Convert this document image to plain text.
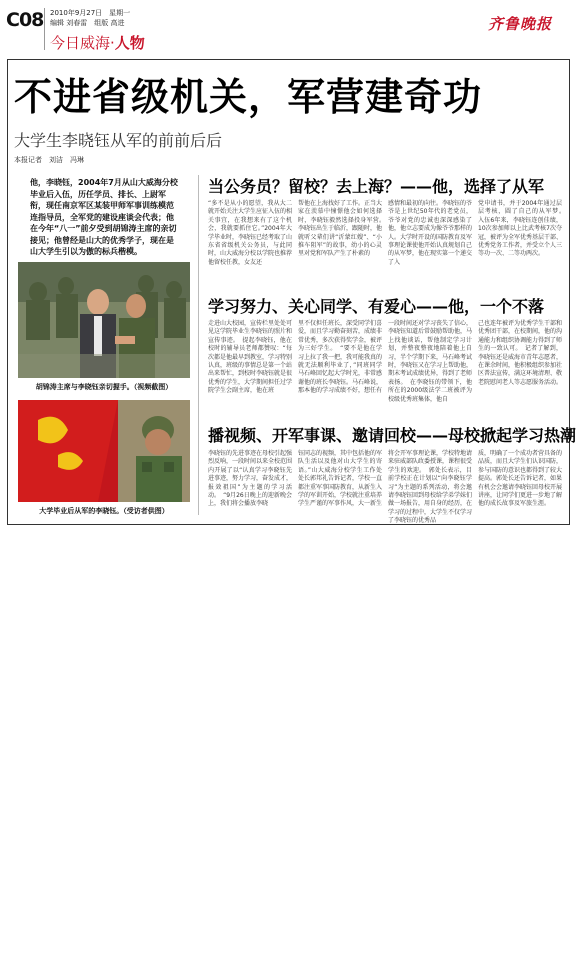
C08 2010年9月27日　星期一
编辑 刘春雷　组版 高进
今日威海·人物
齐鲁晚报
不进省级机关，军营建奇功
大学生李晓钰从军的前前后后
本报记者　刘洁　冯琳
他，李晓钰，2004年7月从山大威海分校毕业后入伍，历任学员、排长、上尉军衔，现任南京军区某装甲师军事训练模范连指导员，全军党的建设座谈会代表；他在今年“八一”前夕受到胡锦涛主席的亲切接见；他曾经是山大的优秀学子，现在是山大学生引以为傲的标兵楷模。
胡锦涛主席与李晓钰亲切握手。（视频截图）
大学毕业后从军的李晓钰。（受访者供图）
当公务员？留校？去上海？——他，选择了从军
“多不是从小的愿望，我从大二就开始关注大学生应征入伍的相关事宜，在我想来有了这个机会，我就要抓住它。”2004年大学毕业时，李晓钰已经考取了山东省省级机关公务员，与此同时，山大威海分校以学院也推荐他留校任教，女友还
帮他在上海找好了工作。正当大家在羡慕中憧憬他会如何选择时，李晓钰毅然选择投身军营。　李晓钰出生于临沂，跟随时，他就听父辈们讲“沂蒙红嫂”、“小推车阻军”的故事，幼小的心灵里对党和军队产生了朴素的
感情和最初的向往。李晓钰的爷爷是上世纪50年代的老党员，爷爷对党的忠诚也深深感染了他，他立志要成为像爷爷那样的人。大学时开设的国防教育及军事理论课使他开始认真规划自己的从军梦，他在现实第一个递交了入
党申请书，并于2004年通过层层考核，圆了自己的从军梦。　入伍6年来，李晓钰连创佳绩，10次参加师以上比武考核7次夺冠，被评为全军优秀基层干部、优秀党务工作者，并受立个人三等功一次、二等功两次。
学习努力、关心同学、有爱心——他，一个不落
走进山大校园，宣传栏里处处可见这学院毕业生李晓钰的照片和宣传事迹。　提起李晓钰，他在校时的辅导员老师都赞叹：“每次都是他最早到教室，学习特别认真，班级的事情总是第一个站出来帮忙，到校时李晓钰就是很优秀的学生，大学期间担任过学院学生会副主席，他在班
里不仅担任班长，深受同学们喜爱，而且学习勤奋刻苦，成绩非常优秀，多次获得奖学金，被评为三好学生。　“要不是他在学习上拉了我一把，我可能我真的就无法顺利毕业了，”同班同学马石峰回忆起大学时光，非常感谢他的班长李晓钰。马石峰说，那本他的学习成绩不好，想任有
一段时间还对学习丧失了信心，李晓钰知道后常鼓励帮助他，马上找他谈话，帮他制定学习计划，并整夜整夜地陪着他上自习，半个学期下来，马石峰考试时，李晓钰又在学习上帮助他，期末考试成绩优异，得到了老师表扬。　在李晓钰的带领下，他所在的2000级法学二班被评为校级优秀班集体，他自
己也连年被评为优秀学生干部和优秀团干部，在校期间，他的沟通能力和组织协调能力得到了师生的一致认可。　记者了解到，李晓钰还是威海市青年志愿者，在课余时间，他积极组织参加社区普法宣传，满这环境清理、敬老院慰问老人等志愿服务活动。
播视频、开军事课、邀请回校——母校掀起学习热潮
李晓钰的先进事迹在母校引起强烈反响，一段时间以来全校范围内开展了以“认真学习李晓钰先进事迹，努力学习，奋发成才，报效祖国”为主题的学习活动。　“9月26日晚上的迎新晚会上，我们将会播放李晓
钰同志的视频，其中包括他的军队生活以及他对山大学生的寄语。”山大威海分校学生工作处处长郭邦礼告诉记者，学校一直都注重军事国防教育，从新生入学的军训开始，学校就注重培养学生严谨的军事作风，大一新生
将会开军事理论课，学校特地请来驻威部队政委授课，课程很受学生的欢迎。　郭处长表示，目前学校正在计划以“向李晓钰学习”为主题的系列活动，将会邀请李晓钰回到母校给学弟学妹们做一场报告，用自身的经历，在学习的过程中，大学生不仅学习了李晓钰的优秀品
质，明确了一个成功者营具备的品质，而且大学生们认识国防，参与国防的意识也都得到了较大提高。郭处长还告诉记者，如果有机会会邀请李晓钰回母校开展讲座，让同学们更进一步地了解他的成长故事及军旅生涯。
